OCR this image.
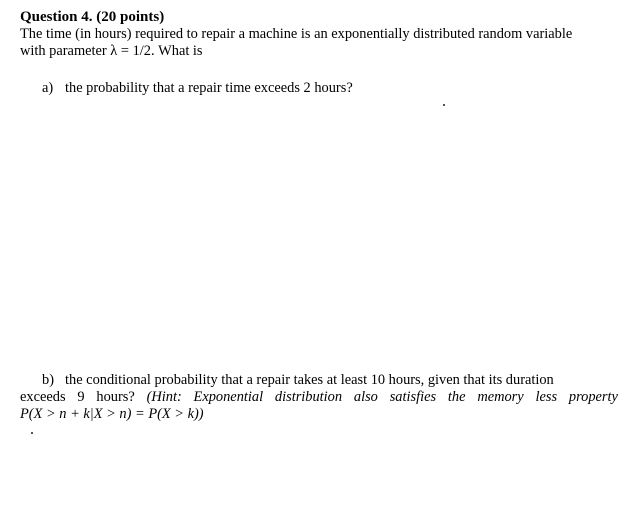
Question 4. (20 points)
The time (in hours) required to repair a machine is an exponentially distributed random variable
with parameter λ = 1/2. What is
a) the probability that a repair time exceeds 2 hours?
b) the conditional probability that a repair takes at least 10 hours, given that its duration
exceeds 9 hours? (Hint: Exponential distribution also satisfies the memory less property
P(X > n + k|X > n) = P(X > k))
